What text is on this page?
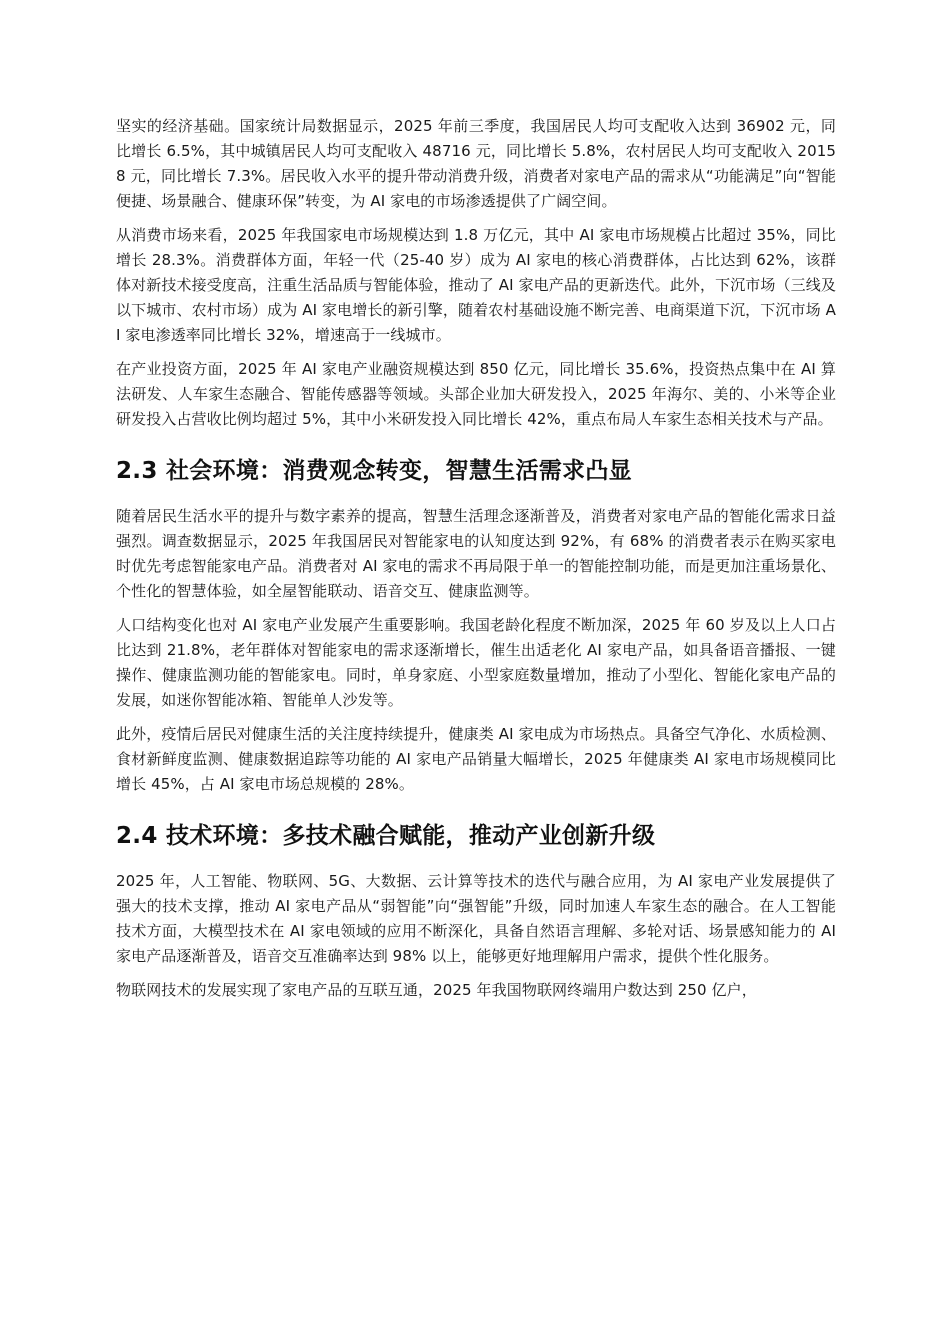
坚实的经济基础。国家统计局数据显示，2025 年前三季度，我国居民人均可支配收入达到 36902 元，同比增长 6.5%，其中城镇居民人均可支配收入 48716 元，同比增长 5.8%，农村居民人均可支配收入 20158 元，同比增长 7.3%。居民收入水平的提升带动消费升级，消费者对家电产品的需求从“功能满足”向“智能便捷、场景融合、健康环保”转变，为 AI 家电的市场渗透提供了广阔空间。

从消费市场来看，2025 年我国家电市场规模达到 1.8 万亿元，其中 AI 家电市场规模占比超过 35%，同比增长 28.3%。消费群体方面，年轻一代（25-40 岁）成为 AI 家电的核心消费群体，占比达到 62%，该群体对新技术接受度高，注重生活品质与智能体验，推动了 AI 家电产品的更新迭代。此外，下沉市场（三线及以下城市、农村市场）成为 AI 家电增长的新引擎，随着农村基础设施不断完善、电商渠道下沉，下沉市场 AI 家电渗透率同比增长 32%，增速高于一线城市。

在产业投资方面，2025 年 AI 家电产业融资规模达到 850 亿元，同比增长 35.6%，投资热点集中在 AI 算法研发、人车家生态融合、智能传感器等领域。头部企业加大研发投入，2025 年海尔、美的、小米等企业研发投入占营收比例均超过 5%，其中小米研发投入同比增长 42%，重点布局人车家生态相关技术与产品。

2.3 社会环境：消费观念转变，智慧生活需求凸显

随着居民生活水平的提升与数字素养的提高，智慧生活理念逐渐普及，消费者对家电产品的智能化需求日益强烈。调查数据显示，2025 年我国居民对智能家电的认知度达到 92%，有 68% 的消费者表示在购买家电时优先考虑智能家电产品。消费者对 AI 家电的需求不再局限于单一的智能控制功能，而是更加注重场景化、个性化的智慧体验，如全屋智能联动、语音交互、健康监测等。

人口结构变化也对 AI 家电产业发展产生重要影响。我国老龄化程度不断加深，2025 年 60 岁及以上人口占比达到 21.8%，老年群体对智能家电的需求逐渐增长，催生出适老化 AI 家电产品，如具备语音播报、一键操作、健康监测功能的智能家电。同时，单身家庭、小型家庭数量增加，推动了小型化、智能化家电产品的发展，如迷你智能冰箱、智能单人沙发等。

此外，疫情后居民对健康生活的关注度持续提升，健康类 AI 家电成为市场热点。具备空气净化、水质检测、食材新鲜度监测、健康数据追踪等功能的 AI 家电产品销量大幅增长，2025 年健康类 AI 家电市场规模同比增长 45%，占 AI 家电市场总规模的 28%。

2.4 技术环境：多技术融合赋能，推动产业创新升级

2025 年，人工智能、物联网、5G、大数据、云计算等技术的迭代与融合应用，为 AI 家电产业发展提供了强大的技术支撑，推动 AI 家电产品从“弱智能”向“强智能”升级，同时加速人车家生态的融合。在人工智能技术方面，大模型技术在 AI 家电领域的应用不断深化，具备自然语言理解、多轮对话、场景感知能力的 AI 家电产品逐渐普及，语音交互准确率达到 98% 以上，能够更好地理解用户需求，提供个性化服务。

物联网技术的发展实现了家电产品的互联互通，2025 年我国物联网终端用户数达到 250 亿户，
